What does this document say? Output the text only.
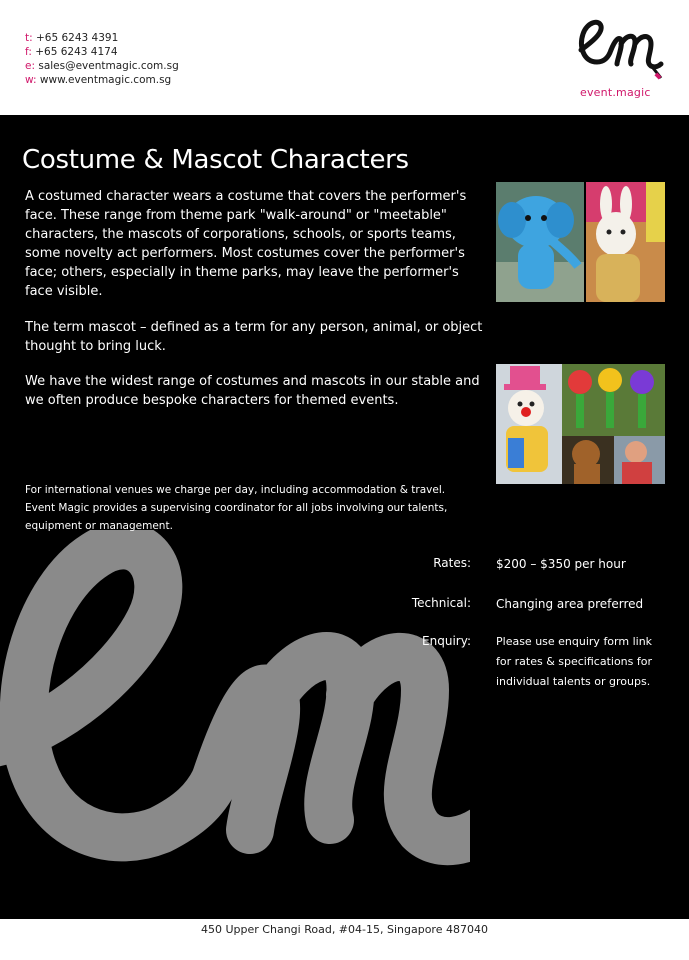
t: +65 6243 4391
f: +65 6243 4174
e: sales@eventmagic.com.sg
w: www.eventmagic.com.sg
event.magic
Costume & Mascot Characters

A costumed character wears a costume that covers the performer's face. These range from theme park "walk-around" or "meetable" characters, the mascots of corporations, schools, or sports teams, some novelty act performers. Most costumes cover the performer's face; others, especially in theme parks, may leave the performer's face visible.

The term mascot – defined as a term for any person, animal, or object thought to bring luck.

We have the widest range of costumes and mascots in our stable and we often produce bespoke characters for themed events.

For international venues we charge per day, including accommodation & travel.

Event Magic provides a supervising coordinator for all jobs involving our talents, equipment or management.

Rates: $200 – $350 per hour
Technical: Changing area preferred
Enquiry: Please use enquiry form link for rates & specifications for individual talents or groups.
450 Upper Changi Road, #04-15, Singapore 487040
